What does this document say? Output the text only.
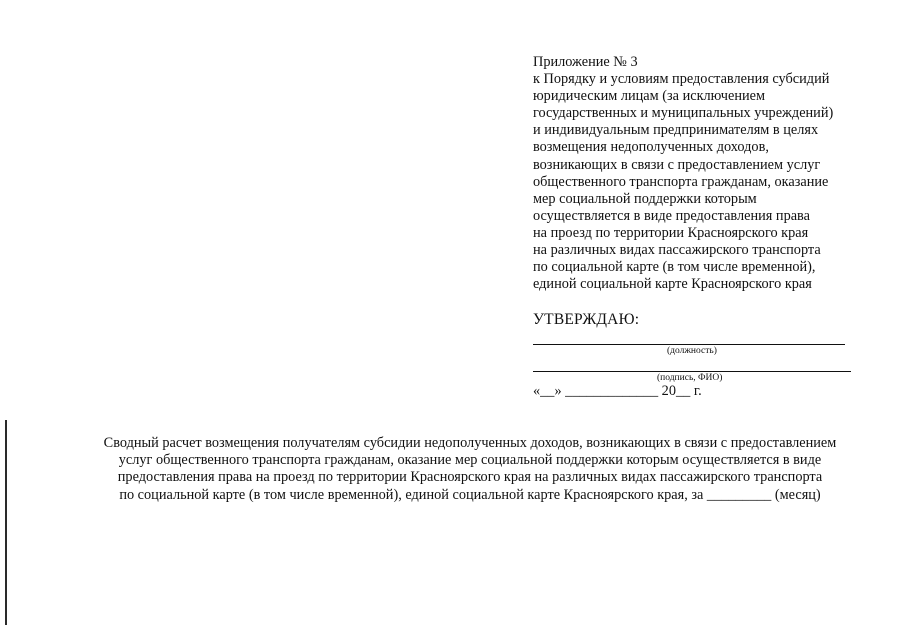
Приложение № 3
к Порядку и условиям предоставления субсидий
юридическим лицам (за исключением
государственных и муниципальных учреждений)
и индивидуальным предпринимателям в целях
возмещения недополученных доходов,
возникающих в связи с предоставлением услуг
общественного транспорта гражданам, оказание
мер социальной поддержки которым
осуществляется в виде предоставления права
на проезд по территории Красноярского края
на различных видах пассажирского транспорта
по социальной карте (в том числе временной),
единой социальной карте Красноярского края
УТВЕРЖДАЮ:
(должность)
(подпись, ФИО)
«__» _____________ 20__ г.
Сводный расчет возмещения получателям субсидии недополученных доходов, возникающих в связи с предоставлением
услуг общественного транспорта гражданам, оказание мер социальной поддержки которым осуществляется в виде
предоставления права на проезд по территории Красноярского края на различных видах пассажирского транспорта
по социальной карте (в том числе временной), единой социальной карте Красноярского края, за _________ (месяц)
